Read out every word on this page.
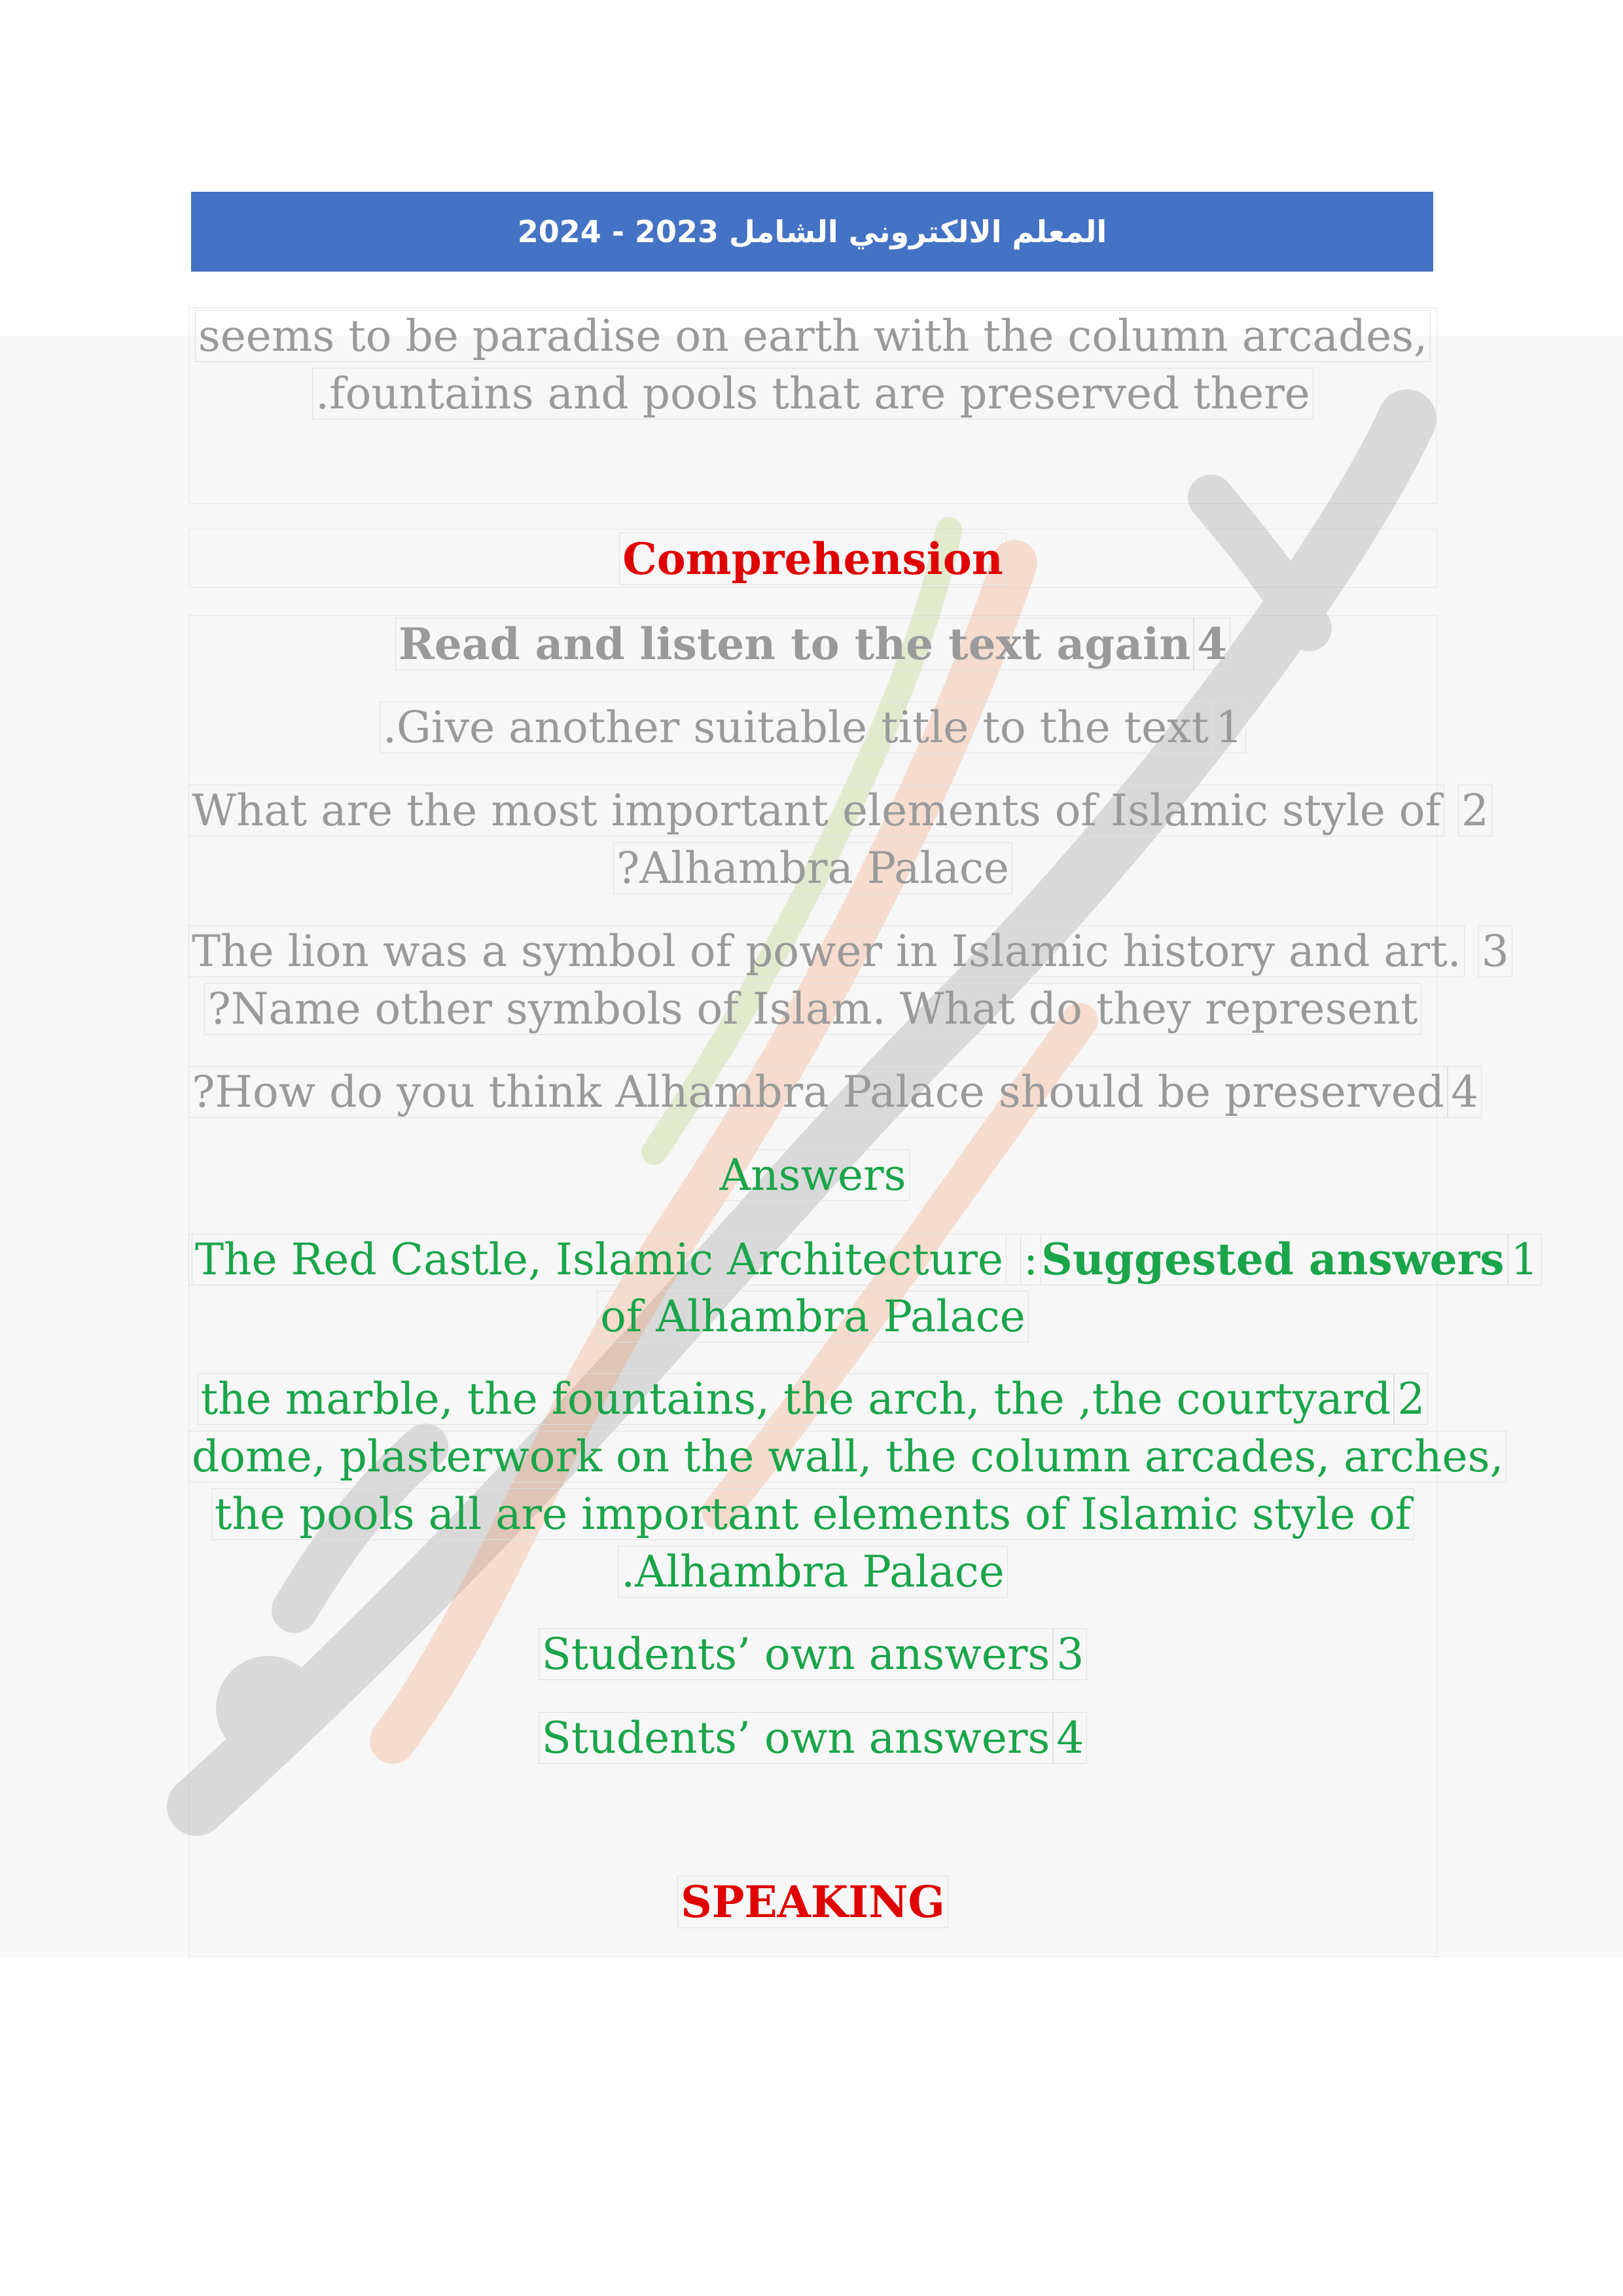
المعلم الالكتروني الشامل 2023 - 2024
seems to be paradise on earth with the column arcades,
.fountains and pools that are preserved there
Comprehension
Read and listen to the text again 4
.Give another suitable title to the text 1
What are the most important elements of Islamic style of 2
?Alhambra Palace
The lion was a symbol of power in Islamic history and art. 3
?Name other symbols of Islam. What do they represent
?How do you think Alhambra Palace should be preserved 4
Answers
The Red Castle, Islamic Architecture :Suggested answers 1
of Alhambra Palace
the marble, the fountains, the arch, the ,the courtyard 2
dome, plasterwork on the wall, the column arcades, arches,
the pools all are important elements of Islamic style of
.Alhambra Palace
Students’ own answers 3
Students’ own answers 4
SPEAKING
